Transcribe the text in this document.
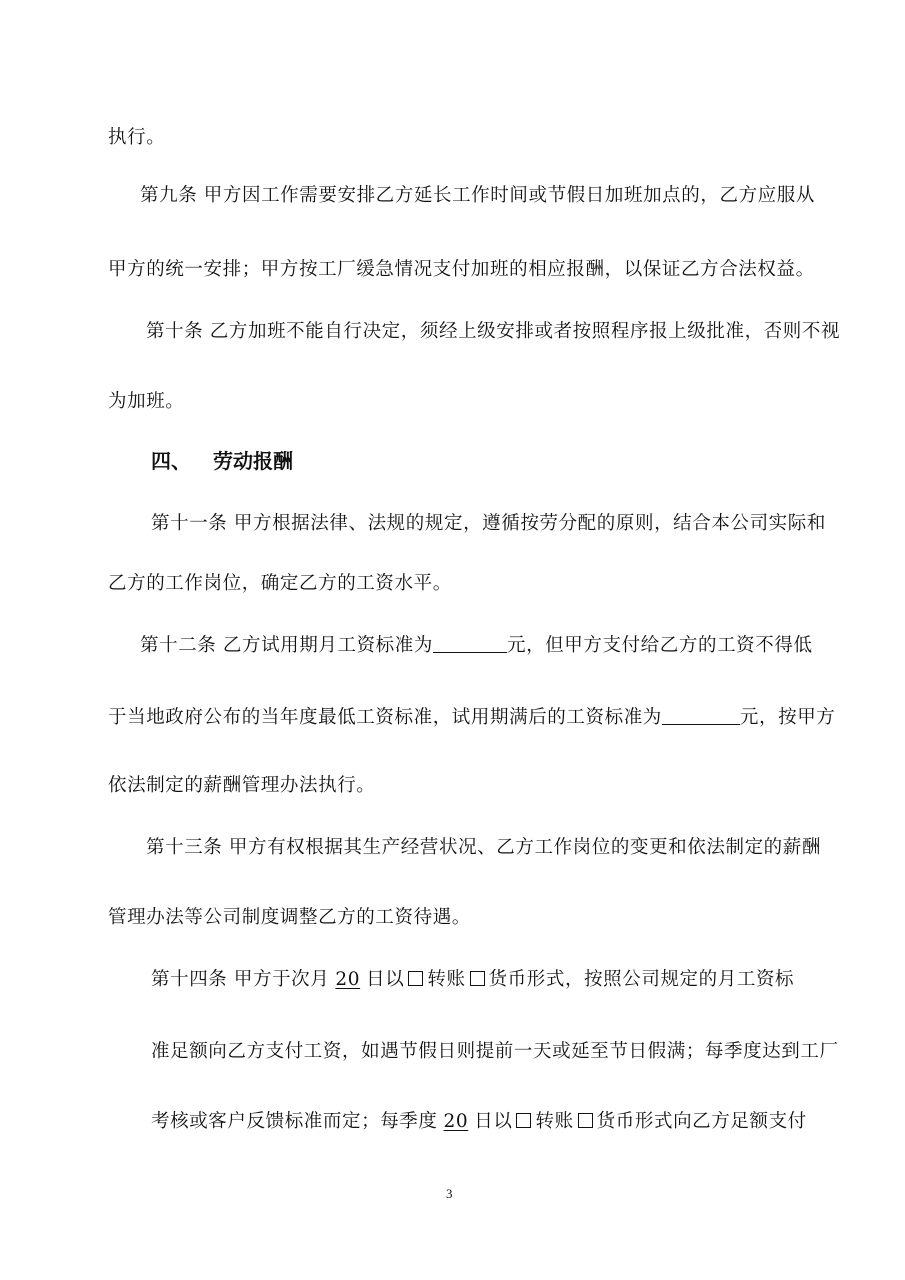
执行。
第九条 甲方因工作需要安排乙方延长工作时间或节假日加班加点的，乙方应服从
甲方的统一安排；甲方按工厂缓急情况支付加班的相应报酬，以保证乙方合法权益。
第十条 乙方加班不能自行决定，须经上级安排或者按照程序报上级批准，否则不视
为加班。
四、 劳动报酬
第十一条 甲方根据法律、法规的规定，遵循按劳分配的原则，结合本公司实际和
乙方的工作岗位，确定乙方的工资水平。
第十二条 乙方试用期月工资标准为	元，但甲方支付给乙方的工资不得低
于当地政府公布的当年度最低工资标准，试用期满后的工资标准为	元，按甲方
依法制定的薪酬管理办法执行。
第十三条 甲方有权根据其生产经营状况、乙方工作岗位的变更和依法制定的薪酬
管理办法等公司制度调整乙方的工资待遇。
第十四条 甲方于次月 20 日以 转账 货币形式，按照公司规定的月工资标
准足额向乙方支付工资，如遇节假日则提前一天或延至节日假满；每季度达到工厂
考核或客户反馈标准而定；每季度 20 日以 转账 货币形式向乙方足额支付
3
